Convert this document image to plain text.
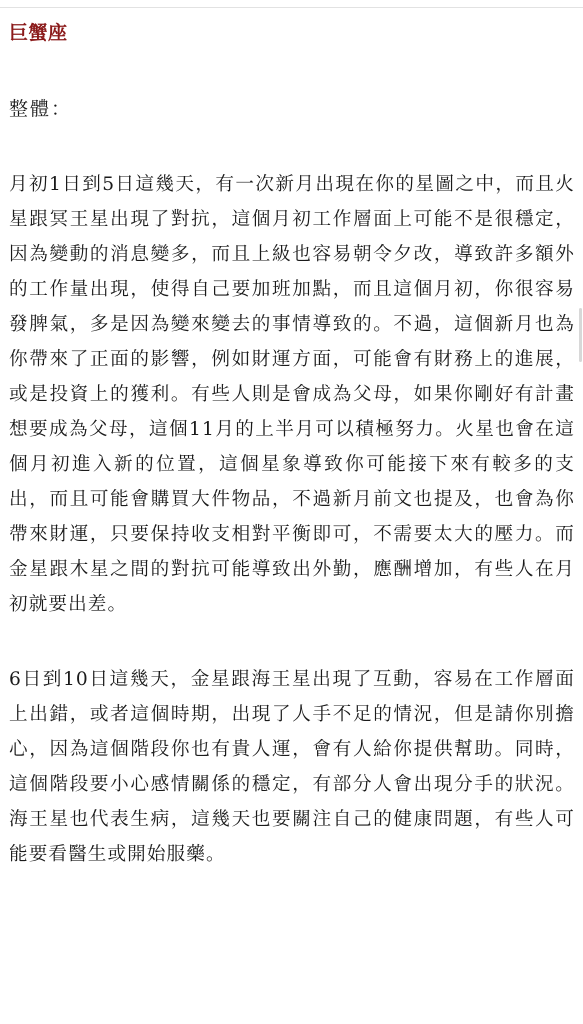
巨蟹座

整體：

月初1日到5日這幾天，有一次新月出現在你的星圖之中，而且火星跟冥王星出現了對抗，這個月初工作層面上可能不是很穩定，因為變動的消息變多，而且上級也容易朝令夕改，導致許多額外的工作量出現，使得自己要加班加點，而且這個月初，你很容易發脾氣，多是因為變來變去的事情導致的。不過，這個新月也為你帶來了正面的影響，例如財運方面，可能會有財務上的進展，或是投資上的獲利。有些人則是會成為父母，如果你剛好有計畫想要成為父母，這個11月的上半月可以積極努力。火星也會在這個月初進入新的位置，這個星象導致你可能接下來有較多的支出，而且可能會購買大件物品，不過新月前文也提及，也會為你帶來財運，只要保持收支相對平衡即可，不需要太大的壓力。而金星跟木星之間的對抗可能導致出外勤，應酬增加，有些人在月初就要出差。

6日到10日這幾天，金星跟海王星出現了互動，容易在工作層面上出錯，或者這個時期，出現了人手不足的情況，但是請你別擔心，因為這個階段你也有貴人運，會有人給你提供幫助。同時，這個階段要小心感情關係的穩定，有部分人會出現分手的狀況。海王星也代表生病，這幾天也要關注自己的健康問題，有些人可能要看醫生或開始服藥。
